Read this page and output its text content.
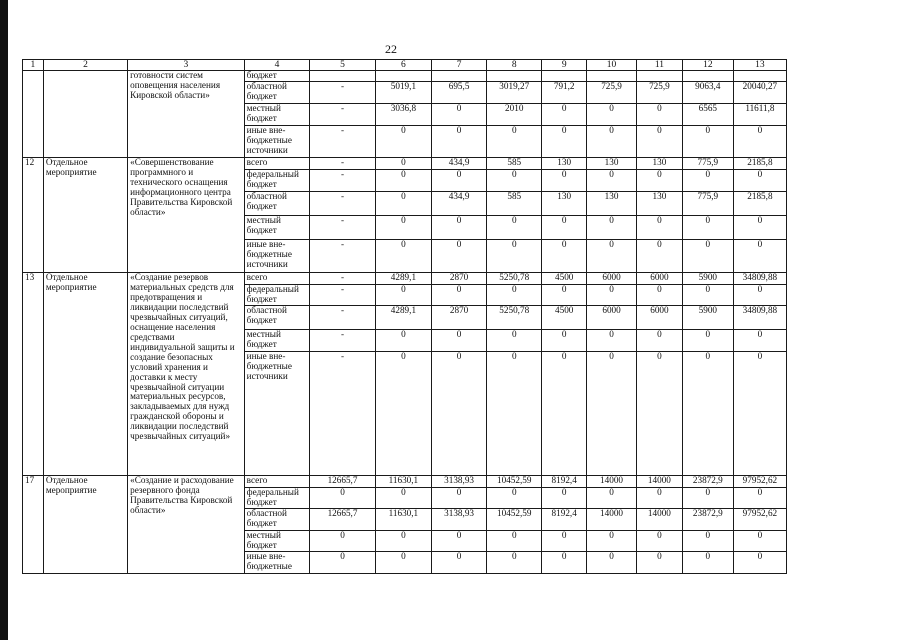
22
1	2	3	4	5	6	7	8	9	10	11	12	13
		готовности систем оповещения населения Кировской области»	бюджет									
			областной бюджет	-	5019,1	695,5	3019,27	791,2	725,9	725,9	9063,4	20040,27
			местный бюджет	-	3036,8	0	2010	0	0	0	6565	11611,8
			иные вне-бюджетные источники	-	0	0	0	0	0	0	0	0
12	Отдельное мероприятие	«Совершенствование программного и технического оснащения информационного центра Правительства Кировской области»	всего	-	0	434,9	585	130	130	130	775,9	2185,8
			федеральный бюджет	-	0	0	0	0	0	0	0	0
			областной бюджет	-	0	434,9	585	130	130	130	775,9	2185,8
			местный бюджет	-	0	0	0	0	0	0	0	0
			иные вне-бюджетные источники	-	0	0	0	0	0	0	0	0
13	Отдельное мероприятие	«Создание резервов материальных средств для предотвращения и ликвидации последствий чрезвычайных ситуаций, оснащение населения средствами индивидуальной защиты и создание безопасных условий хранения и доставки к месту чрезвычайной ситуации материальных ресурсов, закладываемых для нужд гражданской обороны и ликвидации последствий чрезвычайных ситуаций»	всего	-	4289,1	2870	5250,78	4500	6000	6000	5900	34809,88
			федеральный бюджет	-	0	0	0	0	0	0	0	0
			областной бюджет	-	4289,1	2870	5250,78	4500	6000	6000	5900	34809,88
			местный бюджет	-	0	0	0	0	0	0	0	0
			иные вне-бюджетные источники	-	0	0	0	0	0	0	0	0
17	Отдельное мероприятие	«Создание и расходование резервного фонда Правительства Кировской области»	всего	12665,7	11630,1	3138,93	10452,59	8192,4	14000	14000	23872,9	97952,62
			федеральный бюджет	0	0	0	0	0	0	0	0	0
			областной бюджет	12665,7	11630,1	3138,93	10452,59	8192,4	14000	14000	23872,9	97952,62
			местный бюджет	0	0	0	0	0	0	0	0	0
			иные вне-бюджетные	0	0	0	0	0	0	0	0	0
